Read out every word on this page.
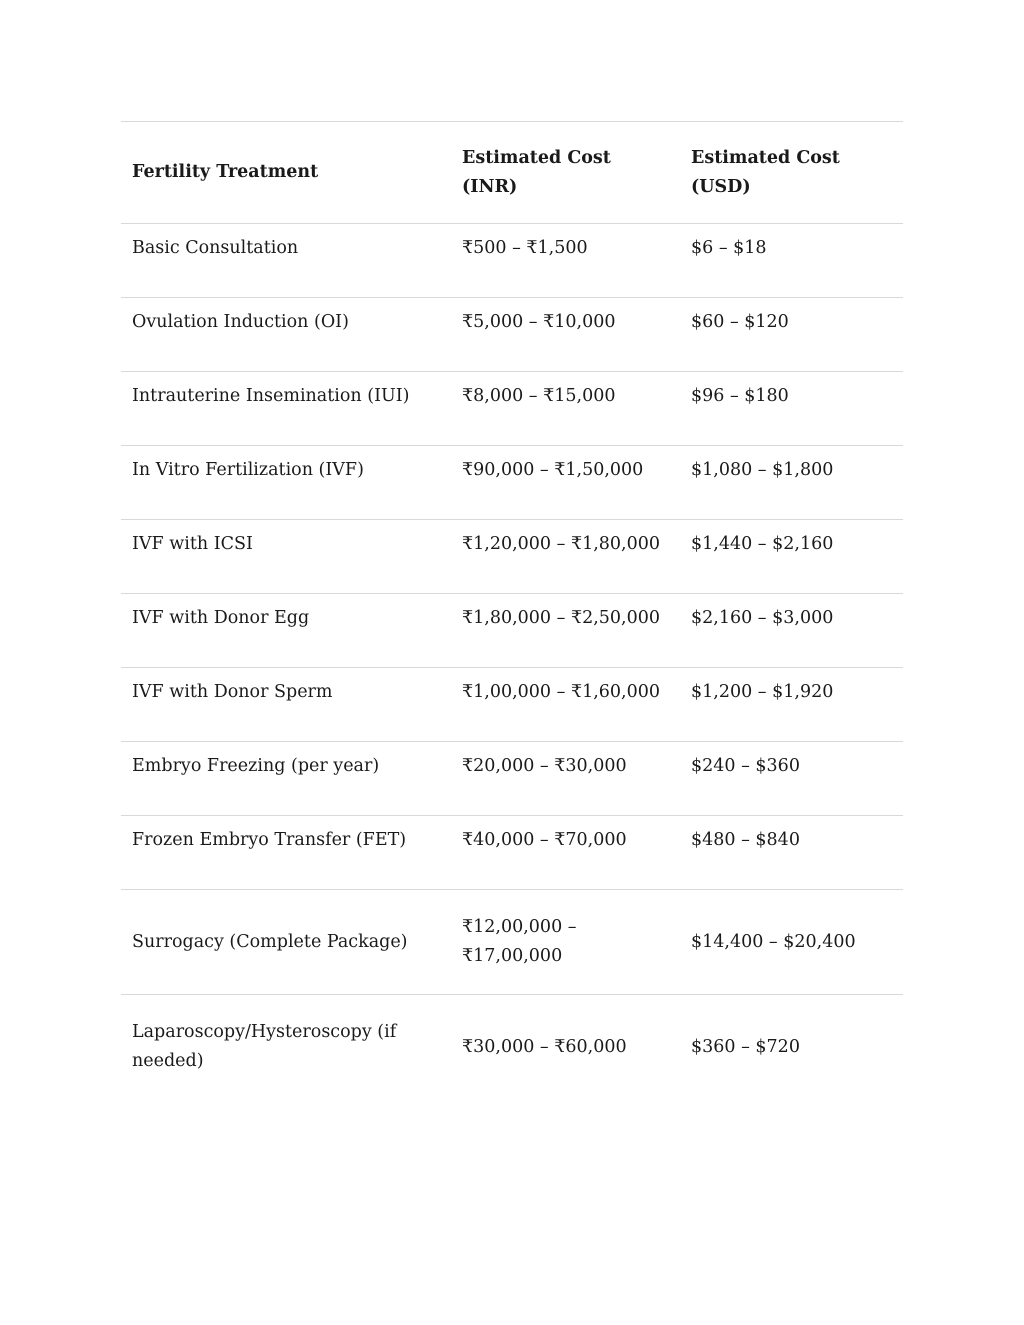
Fertility Treatment	Estimated Cost (INR)	Estimated Cost (USD)
Basic Consultation	₹500 – ₹1,500	$6 – $18
Ovulation Induction (OI)	₹5,000 – ₹10,000	$60 – $120
Intrauterine Insemination (IUI)	₹8,000 – ₹15,000	$96 – $180
In Vitro Fertilization (IVF)	₹90,000 – ₹1,50,000	$1,080 – $1,800
IVF with ICSI	₹1,20,000 – ₹1,80,000	$1,440 – $2,160
IVF with Donor Egg	₹1,80,000 – ₹2,50,000	$2,160 – $3,000
IVF with Donor Sperm	₹1,00,000 – ₹1,60,000	$1,200 – $1,920
Embryo Freezing (per year)	₹20,000 – ₹30,000	$240 – $360
Frozen Embryo Transfer (FET)	₹40,000 – ₹70,000	$480 – $840
Surrogacy (Complete Package)	₹12,00,000 – ₹17,00,000	$14,400 – $20,400
Laparoscopy/Hysteroscopy (if needed)	₹30,000 – ₹60,000	$360 – $720
